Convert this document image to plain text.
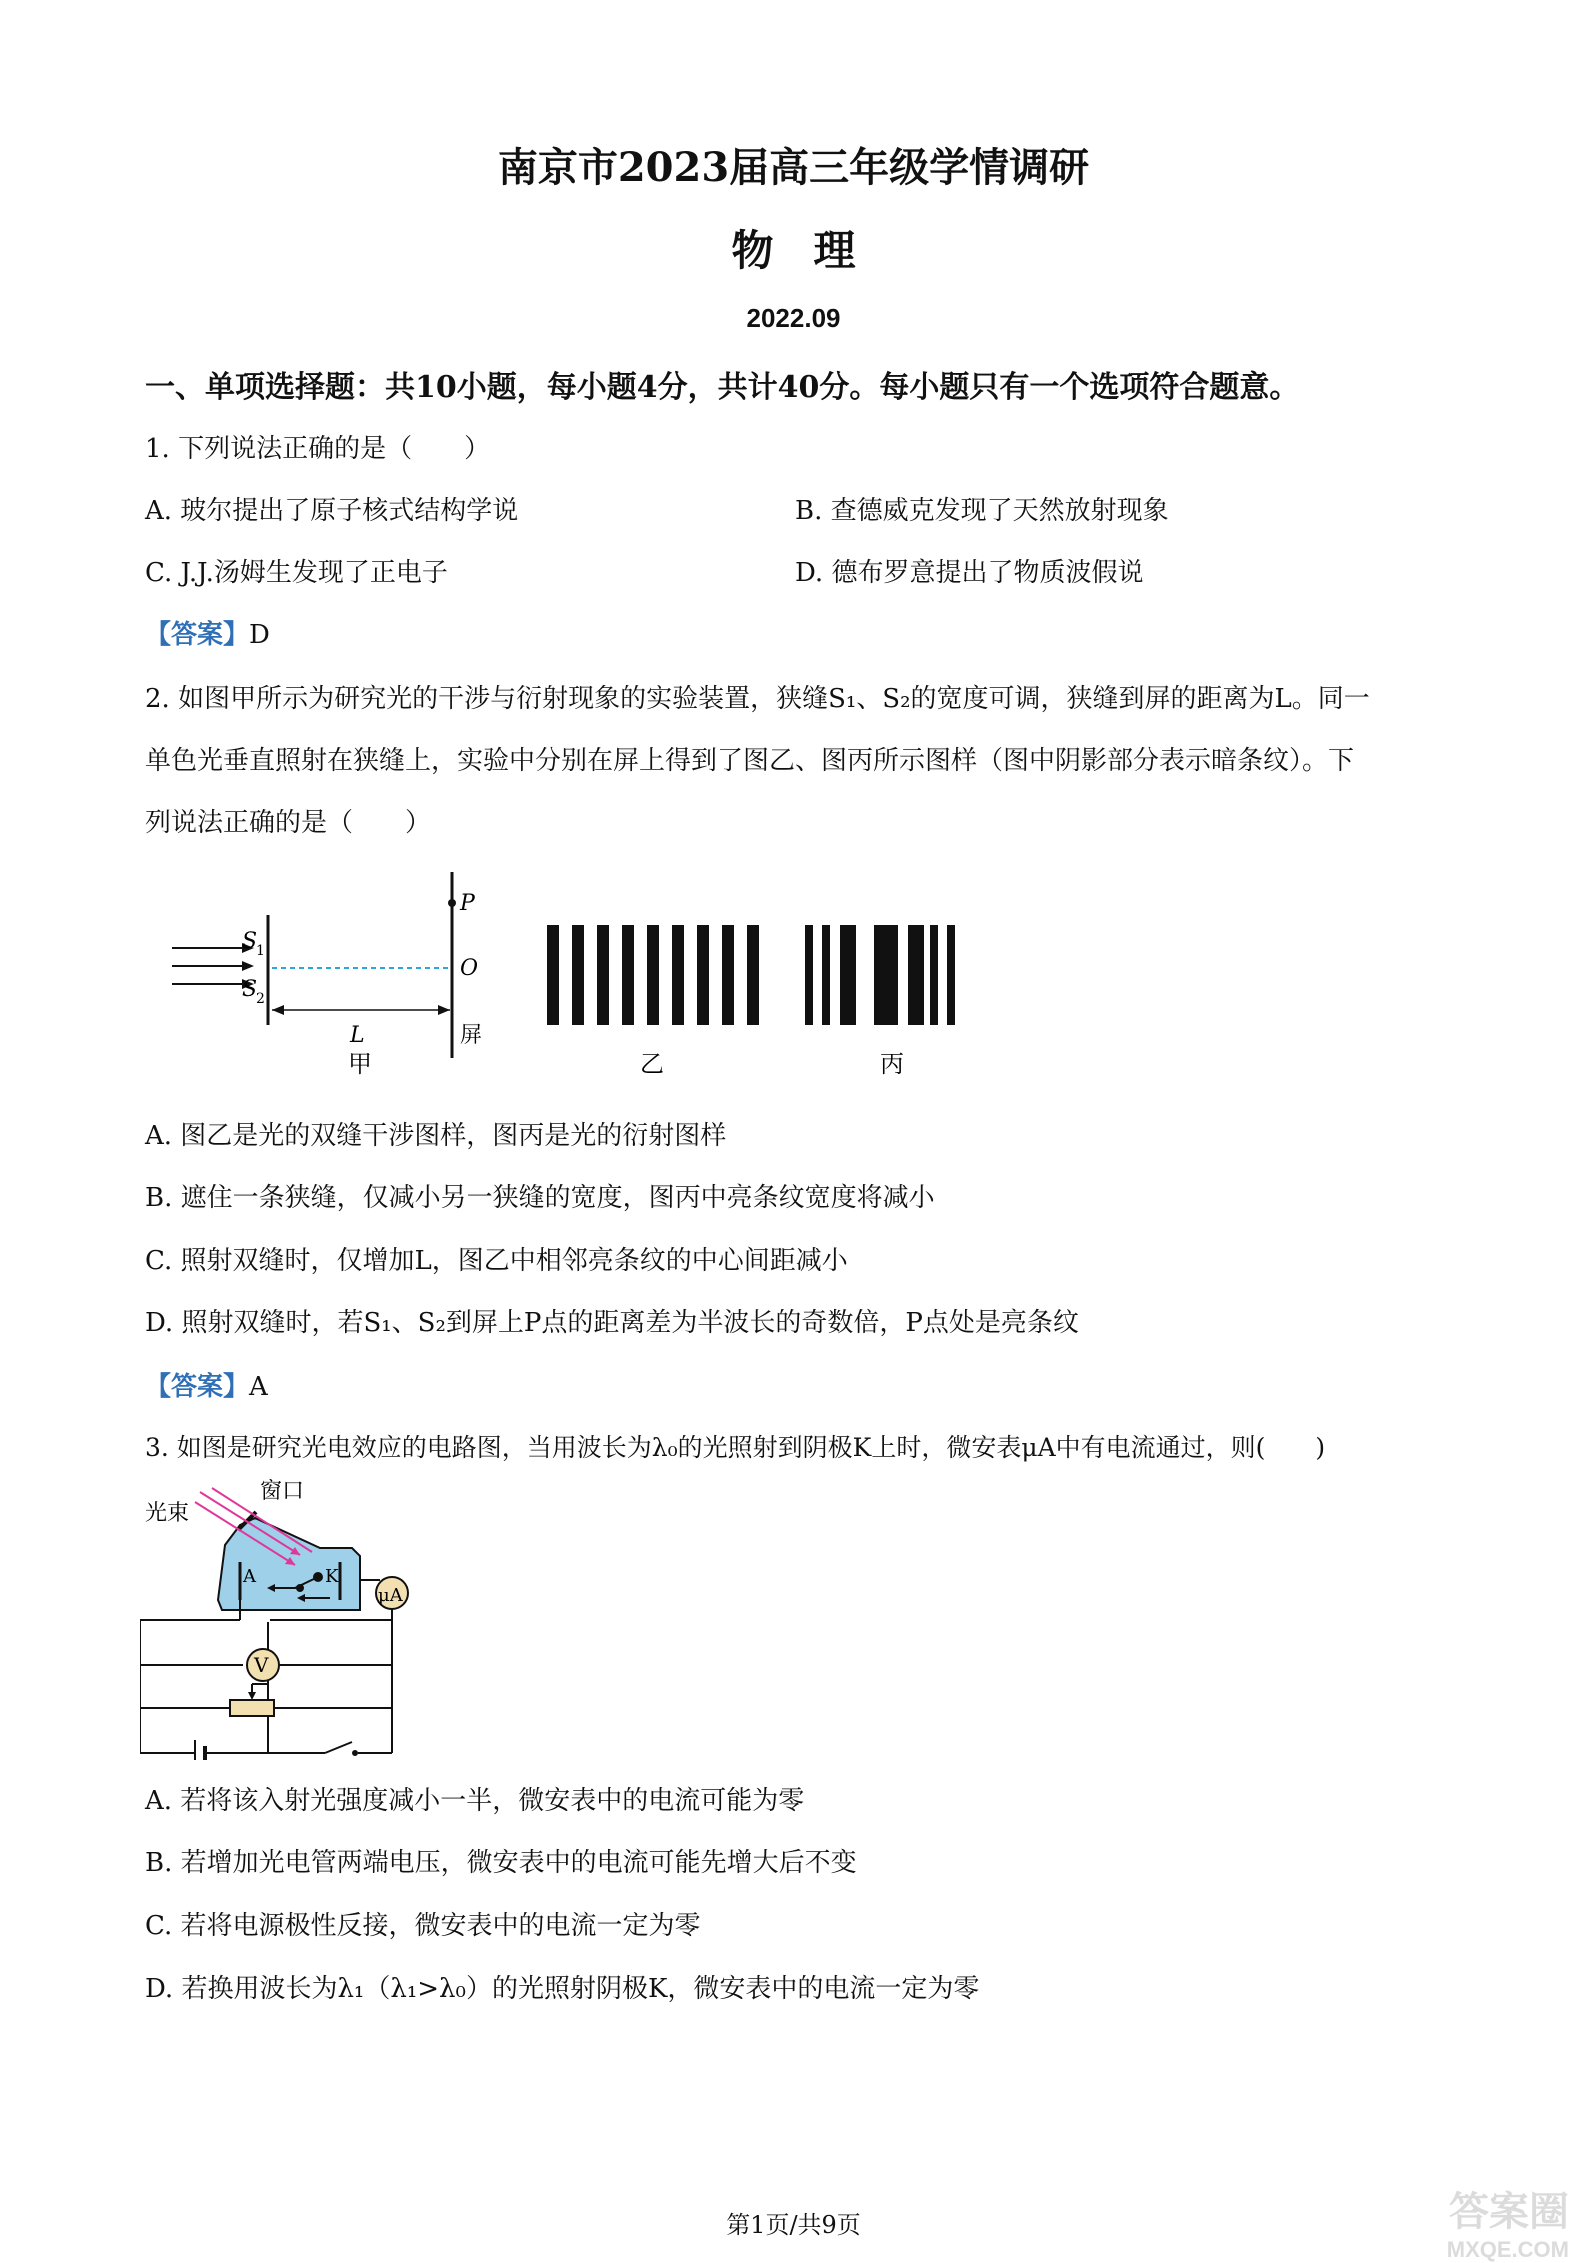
南京市2023届高三年级学情调研
物理
2022.09
一、单项选择题：共10小题，每小题4分，共计40分。每小题只有一个选项符合题意。
1. 下列说法正确的是（　　）
A. 玻尔提出了原子核式结构学说	B. 查德威克发现了天然放射现象
C. J.J.汤姆生发现了正电子	D. 德布罗意提出了物质波假说
【答案】D
2. 如图甲所示为研究光的干涉与衍射现象的实验装置，狭缝S₁、S₂的宽度可调，狭缝到屏的距离为L。同一
单色光垂直照射在狭缝上，实验中分别在屏上得到了图乙、图丙所示图样（图中阴影部分表示暗条纹）。下
列说法正确的是（　　）
S
1
S
2
P
O
L	屏
甲	乙	丙
A. 图乙是光的双缝干涉图样，图丙是光的衍射图样
B. 遮住一条狭缝，仅减小另一狭缝的宽度，图丙中亮条纹宽度将减小
C. 照射双缝时，仅增加L，图乙中相邻亮条纹的中心间距减小
D. 照射双缝时，若S₁、S₂到屏上P点的距离差为半波长的奇数倍，P点处是亮条纹
【答案】A
3. 如图是研究光电效应的电路图，当用波长为λ₀的光照射到阴极K上时，微安表μA中有电流通过，则(　　)
窗口
光束
A	K
μA
V
A. 若将该入射光强度减小一半，微安表中的电流可能为零
B. 若增加光电管两端电压，微安表中的电流可能先增大后不变
C. 若将电源极性反接，微安表中的电流一定为零
D. 若换用波长为λ₁（λ₁>λ₀）的光照射阴极K，微安表中的电流一定为零
第1页/共9页	答案圈
MXQE.COM
